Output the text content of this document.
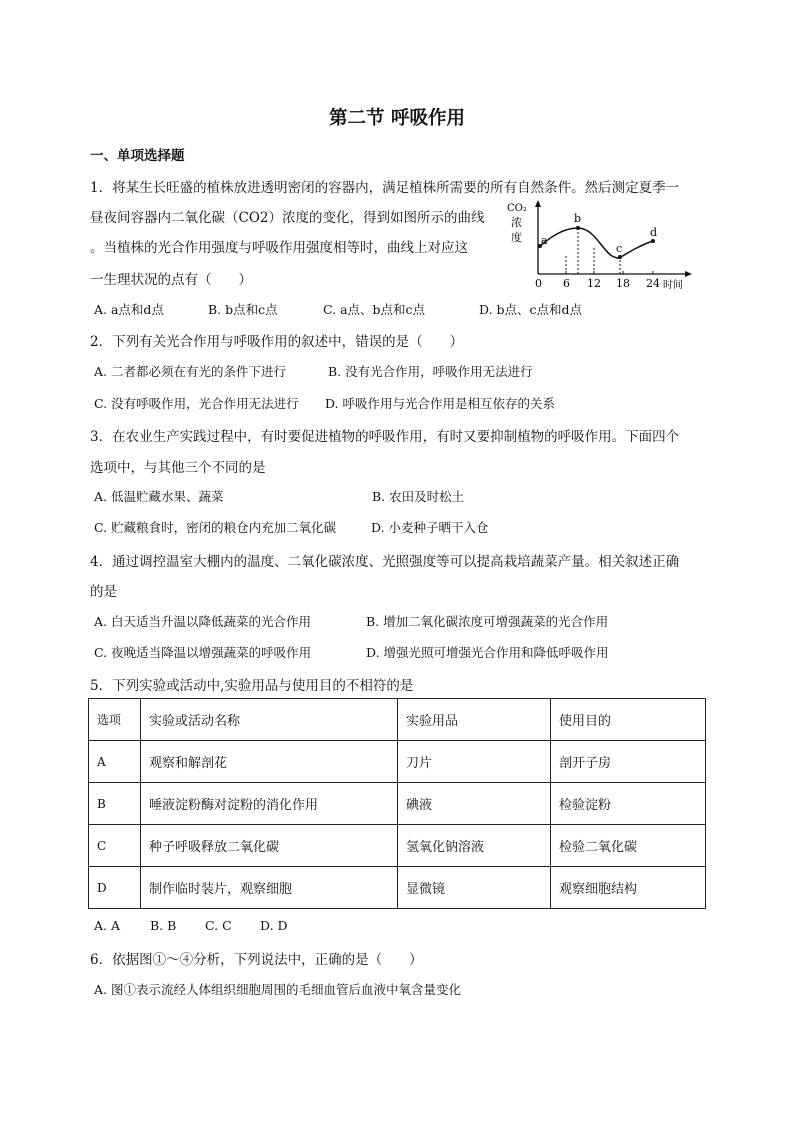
第二节 呼吸作用
一、单项选择题
1．将某生长旺盛的植株放进透明密闭的容器内，满足植株所需要的所有自然条件。然后测定夏季一
昼夜间容器内二氧化碳（CO2）浓度的变化，得到如图所示的曲线
。当植株的光合作用强度与呼吸作用强度相等时，曲线上对应这
一生理状况的点有（　　）
A. a点和d点	B. b点和c点	C. a点、b点和c点	D. b点、c点和d点
a
b
c
d
CO₂
浓
度
0 6 12 18 24 时间
2．下列有关光合作用与呼吸作用的叙述中，错误的是（　　）
A. 二者都必须在有光的条件下进行	B. 没有光合作用，呼吸作用无法进行
C. 没有呼吸作用，光合作用无法进行 D. 呼吸作用与光合作用是相互依存的关系
3．在农业生产实践过程中，有时要促进植物的呼吸作用，有时又要抑制植物的呼吸作用。下面四个
选项中，与其他三个不同的是
A. 低温贮藏水果、蔬菜	B. 农田及时松土
C. 贮藏粮食时，密闭的粮仓内充加二氧化碳	D. 小麦种子晒干入仓
4．通过调控温室大棚内的温度、二氧化碳浓度、光照强度等可以提高栽培蔬菜产量。相关叙述正确
的是
A. 白天适当升温以降低蔬菜的光合作用	B. 增加二氧化碳浓度可增强蔬菜的光合作用
C. 夜晚适当降温以增强蔬菜的呼吸作用	D. 增强光照可增强光合作用和降低呼吸作用
5．下列实验或活动中,实验用品与使用目的不相符的是
选项	实验或活动名称	实验用品	使用目的
A	观察和解剖花	刀片	剖开子房
B	唾液淀粉酶对淀粉的消化作用	碘液	检验淀粉
C	种子呼吸释放二氧化碳	氢氧化钠溶液	检验二氧化碳
D	制作临时装片，观察细胞	显微镜	观察细胞结构
A. A B. B C. C D. D
6．依据图①～④分析，下列说法中，正确的是（　　）
A. 图①表示流经人体组织细胞周围的毛细血管后血液中氧含量变化
